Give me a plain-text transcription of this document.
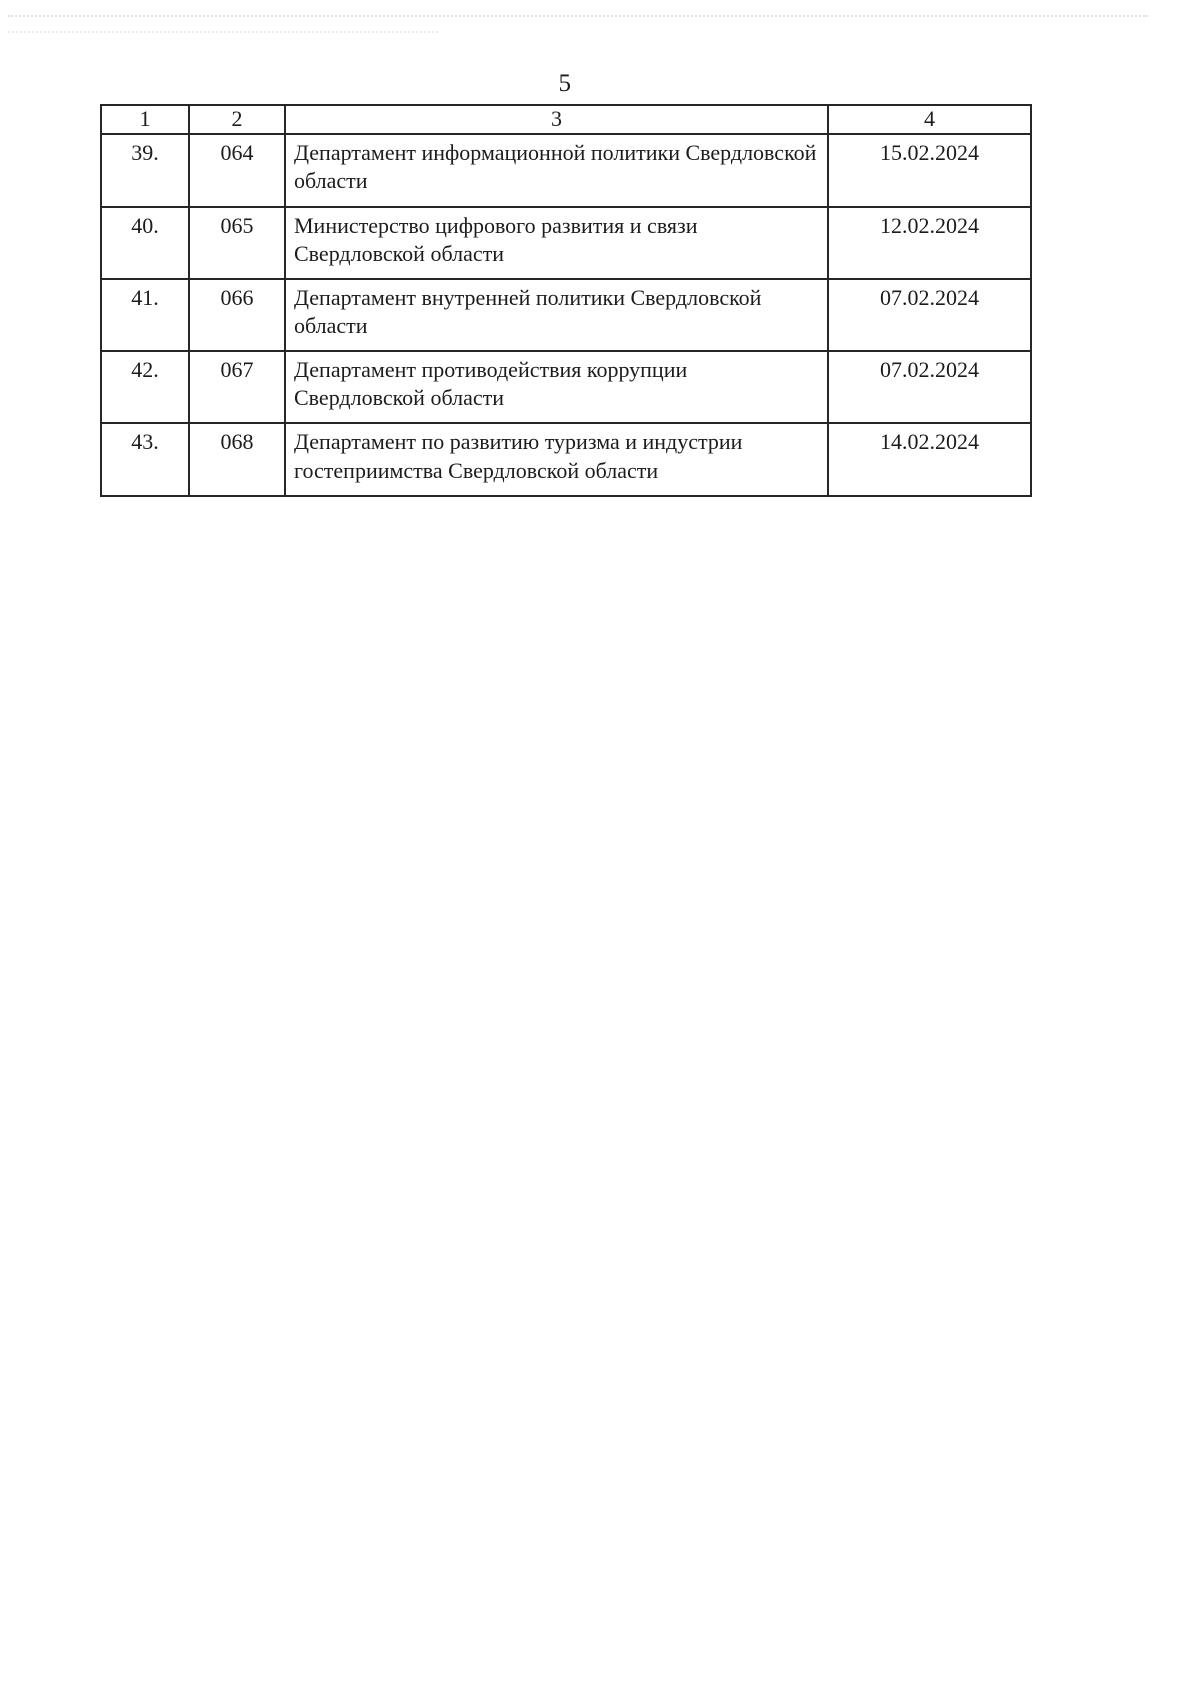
5
1	2	3	4
39.	064	Департамент информационной политики Свердловской области	15.02.2024
40.	065	Министерство цифрового развития и связи Свердловской области	12.02.2024
41.	066	Департамент внутренней политики Свердловской области	07.02.2024
42.	067	Департамент противодействия коррупции Свердловской области	07.02.2024
43.	068	Департамент по развитию туризма и индустрии гостеприимства Свердловской области	14.02.2024
